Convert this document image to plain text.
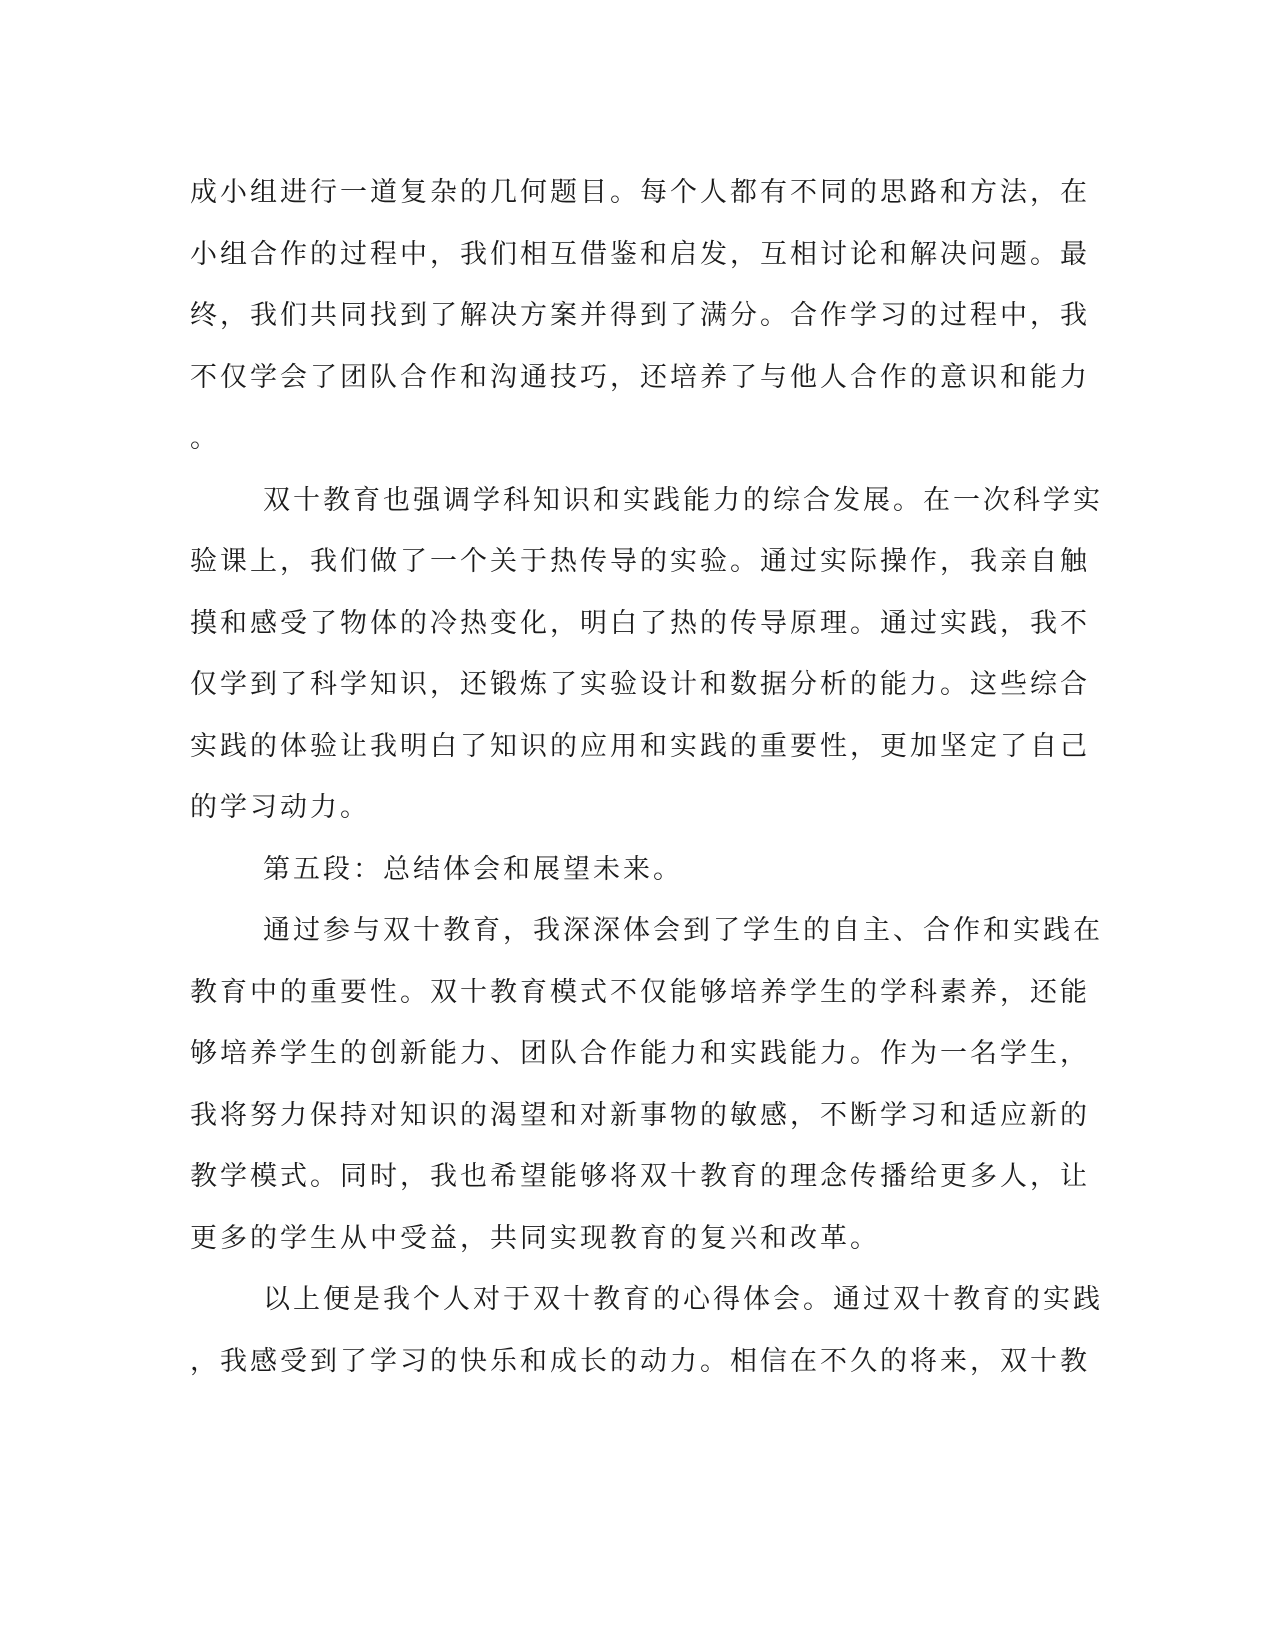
成小组进行一道复杂的几何题目。每个人都有不同的思路和方法，在
小组合作的过程中，我们相互借鉴和启发，互相讨论和解决问题。最
终，我们共同找到了解决方案并得到了满分。合作学习的过程中，我
不仅学会了团队合作和沟通技巧，还培养了与他人合作的意识和能力
。
双十教育也强调学科知识和实践能力的综合发展。在一次科学实
验课上，我们做了一个关于热传导的实验。通过实际操作，我亲自触
摸和感受了物体的冷热变化，明白了热的传导原理。通过实践，我不
仅学到了科学知识，还锻炼了实验设计和数据分析的能力。这些综合
实践的体验让我明白了知识的应用和实践的重要性，更加坚定了自己
的学习动力。
第五段：总结体会和展望未来。
通过参与双十教育，我深深体会到了学生的自主、合作和实践在
教育中的重要性。双十教育模式不仅能够培养学生的学科素养，还能
够培养学生的创新能力、团队合作能力和实践能力。作为一名学生，
我将努力保持对知识的渴望和对新事物的敏感，不断学习和适应新的
教学模式。同时，我也希望能够将双十教育的理念传播给更多人，让
更多的学生从中受益，共同实现教育的复兴和改革。
以上便是我个人对于双十教育的心得体会。通过双十教育的实践
，我感受到了学习的快乐和成长的动力。相信在不久的将来，双十教
